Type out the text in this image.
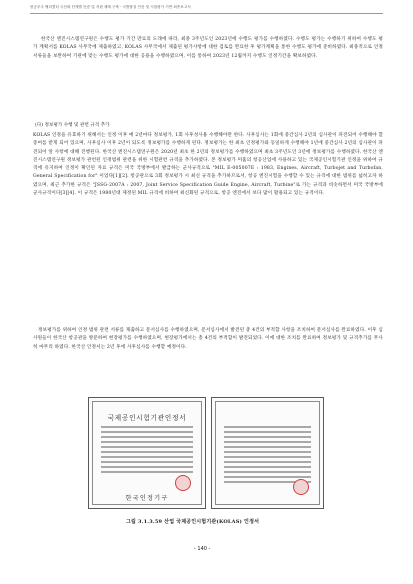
항공우주 헬리콥터 국산화 단계별 인증 및 지원 체계 구축 - 국방품질 인증 및 시험평가 기반 최종보고서

한국산 엔진시스템연구원은 수행도 평가 기간 만료의 도래에 따라, 최종 3주년도인 2023년에 수행도 평가를 수행하였다. 수행도 평가는 수행하기 위하여 수행도 평가 계획서를 KOLAS 사무국에 제출하였고, KOLAS 사무국에서 제출된 평가사항에 대한 검토를 완료한 후 평가계획을 통한 수행도 평가에 준비하였다. 최종적으로 인정서류들을 보완하여 기관에 맞는 수행도 평가에 대한 공용을 수행하였으며, 이를 통하여 2023년 12월까지 수행도 인정기간을 확보하였다.

(다) 정보평가 수행 및 관련 규격 추가

KOLAS 인정을 유효하기 위해서는 인정 이후 매 2년마다 정보평가, 1회 사후성사용 수행해야만 한다. 사후심사는 1회에 중간심사 2년의 심사관이 파견되어 수행해야 할 증여를 받게 되어 있으며, 사후심사 이후 2년이 되도록 정보평가를 수행하게 된다. 정보평가는 한 최초 인정평가와 동일하게 수행해야 1년에 중간심사 2년의 심사관이 파견되어 앞 사항에 대해 진행된다. 한국산 엔진시스템연구원은 2020년 최초 한 2년의 정보평가를 수행하였으며 최초 3주년도인 3년에 정보평가를 수행하였다. 한국산 엔진시스템연구원 정보평가 관련된 인정범위 관련을 위한 시험관련 규격을 추가하였다. 본 정보평가 미흡의 항공산업에 사용하고 있는 국제공인시험기관 인정을 위하여 규격에 유지하여 인정이 확인된 자료 규격은 미국 국방부에서 발급하는 군사규격으로 "MIL E-005007E : 1983, Engines, Aircraft, Turbojet and Turbofan, General Specification for" 이었다[1][2]. 항공관으로 3회 정보평가 시 최신 규격을 추가하므로서, 항공 엔진시험을 수행할 수 있는 규격에 대한 범위를 넓히고자 하였으며, 최근 추가한 규격은 "JSSG-2007A : 2007, Joint Service Specification Guide Engine, Aircraft, Turbine"로 가는 규격과 비슷하면서 미국 국방부에 군사규격이다[3][4]. 이 규격은 1980년대 제정된 MIL 규격에 비하여 최신화된 규격으로, 항공 엔진에서 보다 많이 활용되고 있는 규격이다.

정보평가를 위하여 인정 범위 관련 서류를 제출하고 문서심사를 수행하였으며, 문서심사에서 발견된 총 4건의 부적합 사항을 조치하여 문서심사를 완료하였다. 이후 심사원들이 한국산 항공관을 방문하여 현장평가를 수행하였으며, 현장평가에서는 총 4건의 부적합이 발견되었다. 이에 대한 조치를 완료하여 정보평가 및 규격추가를 무사히 마무리 하였다. 한국산 인정서는 2년 후에 사후심사를 수행할 예정이다.

국제공인시험기관인정서
한국인정기구
그림 3.1.3.59 산업 국제공인시험기관(KOLAS) 인정서
- 140 -
